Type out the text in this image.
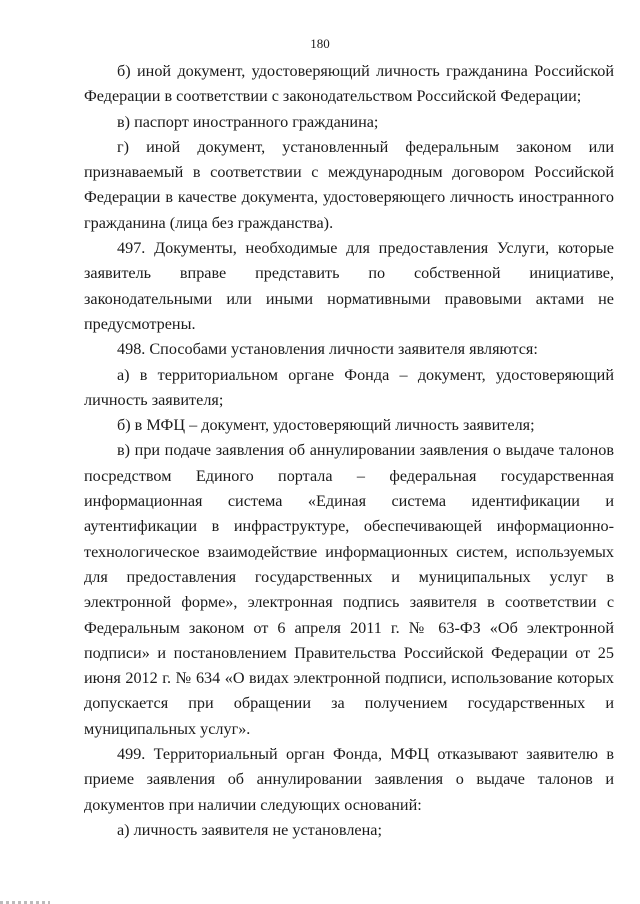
180

б) иной документ, удостоверяющий личность гражданина Российской Федерации в соответствии с законодательством Российской Федерации;

в) паспорт иностранного гражданина;

г) иной документ, установленный федеральным законом или признаваемый в соответствии с международным договором Российской Федерации в качестве документа, удостоверяющего личность иностранного гражданина (лица без гражданства).

497. Документы, необходимые для предоставления Услуги, которые заявитель вправе представить по собственной инициативе, законодательными или иными нормативными правовыми актами не предусмотрены.

498. Способами установления личности заявителя являются:

а) в территориальном органе Фонда – документ, удостоверяющий личность заявителя;

б) в МФЦ – документ, удостоверяющий личность заявителя;

в) при подаче заявления об аннулировании заявления о выдаче талонов посредством Единого портала – федеральная государственная информационная система «Единая система идентификации и аутентификации в инфраструктуре, обеспечивающей информационно-технологическое взаимодействие информационных систем, используемых для предоставления государственных и муниципальных услуг в электронной форме», электронная подпись заявителя в соответствии с Федеральным законом от 6 апреля 2011 г. № 63-ФЗ «Об электронной подписи» и постановлением Правительства Российской Федерации от 25 июня 2012 г. № 634 «О видах электронной подписи, использование которых допускается при обращении за получением государственных и муниципальных услуг».

499. Территориальный орган Фонда, МФЦ отказывают заявителю в приеме заявления об аннулировании заявления о выдаче талонов и документов при наличии следующих оснований:

а) личность заявителя не установлена;
